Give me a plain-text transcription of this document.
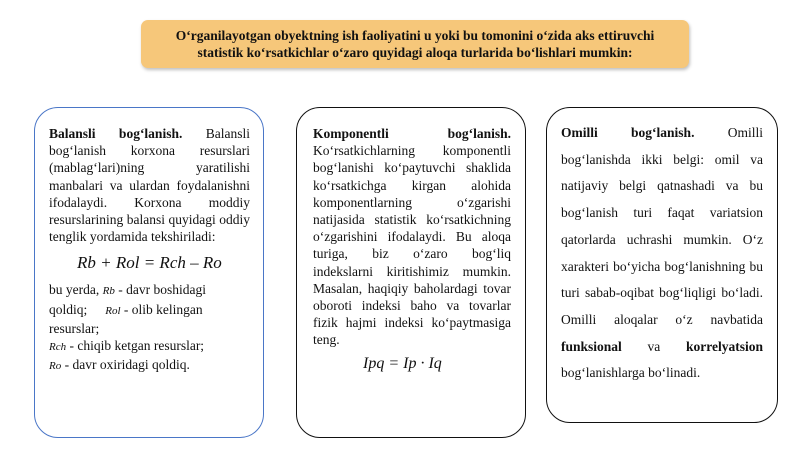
O‘rganilayotgan obyektning ish faoliyatini u yoki bu tomonini o‘zida aks ettiruvchi
statistik ko‘rsatkichlar o‘zaro quyidagi aloqa turlarida bo‘lishlari mumkin:

Balansli bog‘lanish. Balansli bog‘lanish korxona resurslari (mablag‘lari)ning yaratilishi manbalari va ulardan foydalanishni ifodalaydi. Korxona moddiy resurslarining balansi quyidagi oddiy tenglik yordamida tekshiriladi:

Rb + Rol = Rch – Ro
bu yerda, Rb - davr boshidagi
qoldiq; Rol - olib kelingan
resurslar;
Rch - chiqib ketgan resurslar;
Ro - davr oxiridagi qoldiq.

Komponentli bog‘lanish. Ko‘rsatkichlarning komponentli bog‘lanishi ko‘paytuvchi shaklida ko‘rsatkichga kirgan alohida komponentlarning o‘zgarishi natijasida statistik ko‘rsatkichning o‘zgarishini ifodalaydi. Bu aloqa turiga, biz o‘zaro bog‘liq indekslarni kiritishimiz mumkin. Masalan, haqiqiy baholardagi tovar oboroti indeksi baho va tovarlar fizik hajmi indeksi ko‘paytmasiga teng.

Ipq = Ip · Iq

Omilli bog‘lanish. Omilli bog‘lanishda ikki belgi: omil va natijaviy belgi qatnashadi va bu bog‘lanish turi faqat variatsion qatorlarda uchrashi mumkin. O‘z xarakteri bo‘yicha bog‘lanishning bu turi sabab-oqibat bog‘liqligi bo‘ladi. Omilli aloqalar o‘z navbatida funksional va korrelyatsion bog‘lanishlarga bo‘linadi.
